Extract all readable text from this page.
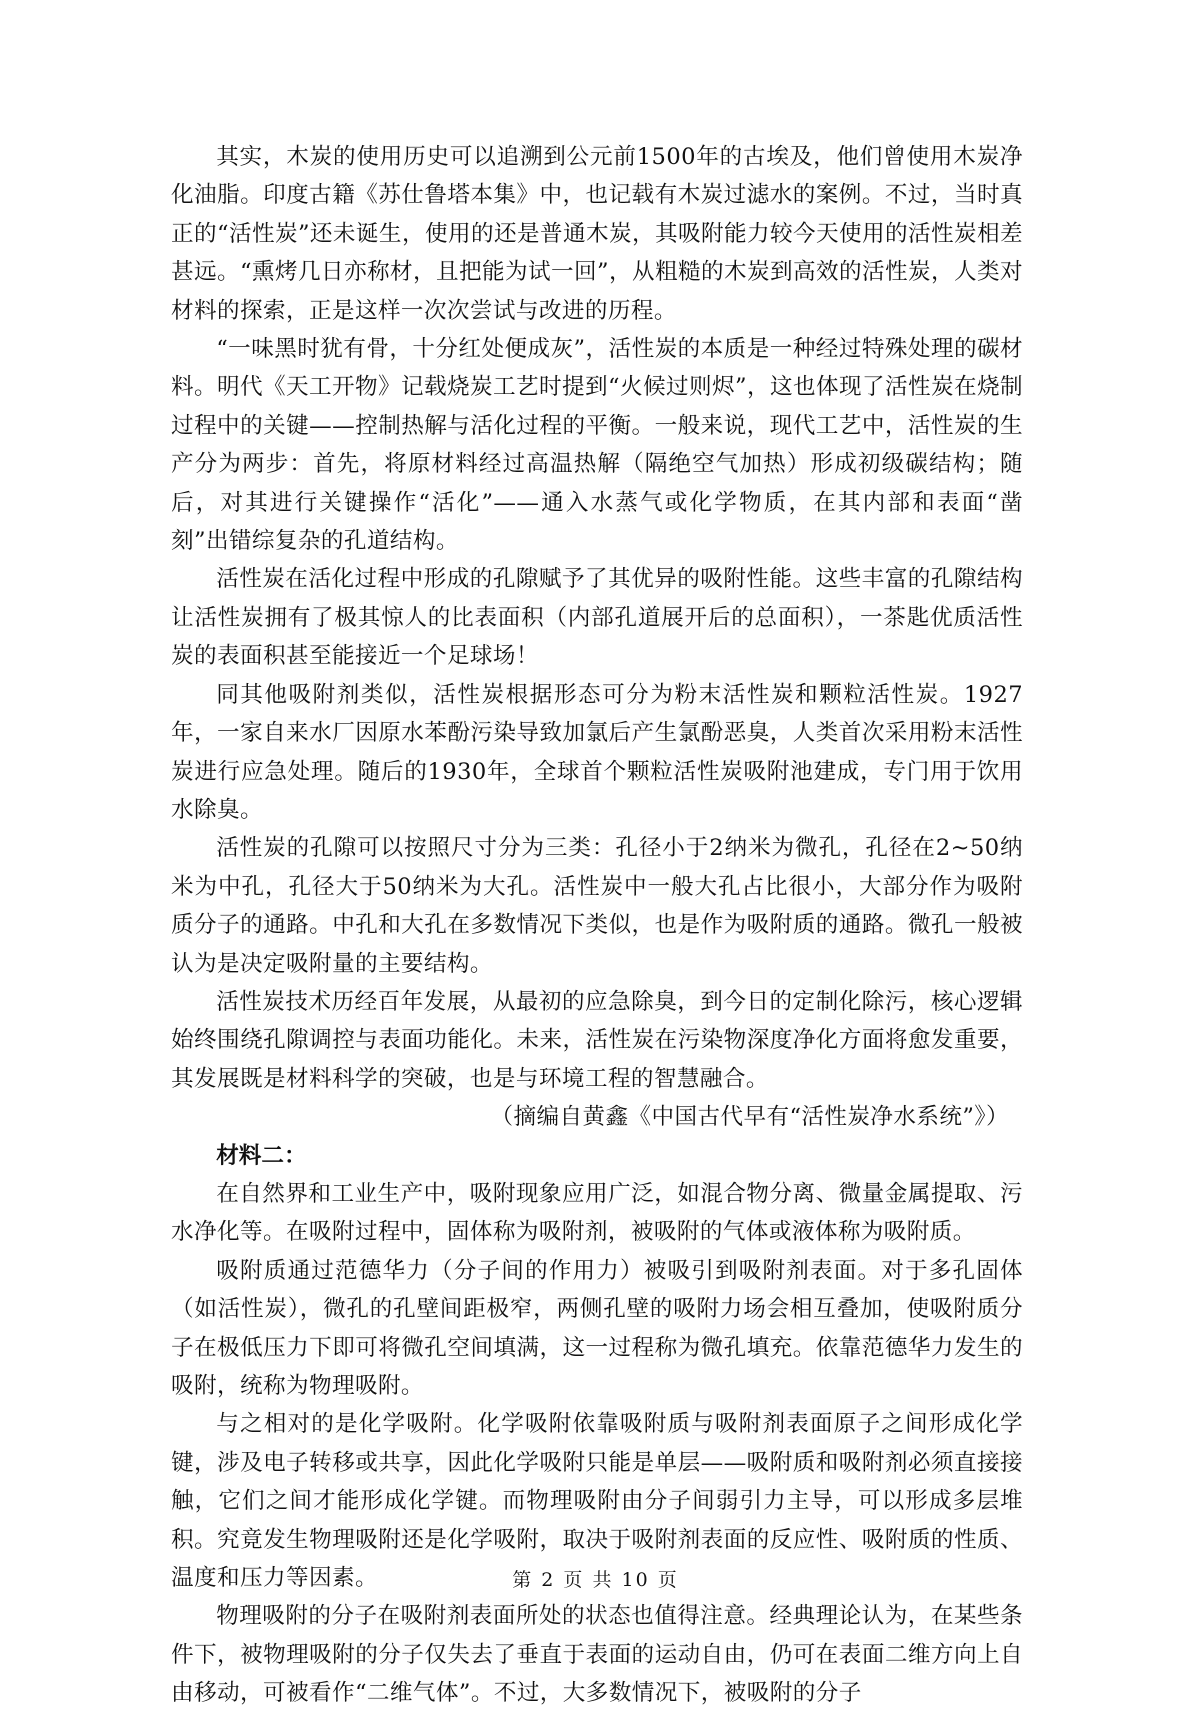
其实，木炭的使用历史可以追溯到公元前1500年的古埃及，他们曾使用木炭净化油脂。印度古籍《苏仕鲁塔本集》中，也记载有木炭过滤水的案例。不过，当时真正的“活性炭”还未诞生，使用的还是普通木炭，其吸附能力较今天使用的活性炭相差甚远。“熏烤几日亦称材，且把能为试一回”，从粗糙的木炭到高效的活性炭，人类对材料的探索，正是这样一次次尝试与改进的历程。

“一味黑时犹有骨，十分红处便成灰”，活性炭的本质是一种经过特殊处理的碳材料。明代《天工开物》记载烧炭工艺时提到“火候过则烬”，这也体现了活性炭在烧制过程中的关键——控制热解与活化过程的平衡。一般来说，现代工艺中，活性炭的生产分为两步：首先，将原材料经过高温热解（隔绝空气加热）形成初级碳结构；随后，对其进行关键操作“活化”——通入水蒸气或化学物质，在其内部和表面“凿刻”出错综复杂的孔道结构。

活性炭在活化过程中形成的孔隙赋予了其优异的吸附性能。这些丰富的孔隙结构让活性炭拥有了极其惊人的比表面积（内部孔道展开后的总面积），一茶匙优质活性炭的表面积甚至能接近一个足球场！

同其他吸附剂类似，活性炭根据形态可分为粉末活性炭和颗粒活性炭。1927年，一家自来水厂因原水苯酚污染导致加氯后产生氯酚恶臭，人类首次采用粉末活性炭进行应急处理。随后的1930年，全球首个颗粒活性炭吸附池建成，专门用于饮用水除臭。

活性炭的孔隙可以按照尺寸分为三类：孔径小于2纳米为微孔，孔径在2~50纳米为中孔，孔径大于50纳米为大孔。活性炭中一般大孔占比很小，大部分作为吸附质分子的通路。中孔和大孔在多数情况下类似，也是作为吸附质的通路。微孔一般被认为是决定吸附量的主要结构。

活性炭技术历经百年发展，从最初的应急除臭，到今日的定制化除污，核心逻辑始终围绕孔隙调控与表面功能化。未来，活性炭在污染物深度净化方面将愈发重要，其发展既是材料科学的突破，也是与环境工程的智慧融合。

（摘编自黄鑫《中国古代早有“活性炭净水系统”》）

材料二：

在自然界和工业生产中，吸附现象应用广泛，如混合物分离、微量金属提取、污水净化等。在吸附过程中，固体称为吸附剂，被吸附的气体或液体称为吸附质。

吸附质通过范德华力（分子间的作用力）被吸引到吸附剂表面。对于多孔固体（如活性炭），微孔的孔壁间距极窄，两侧孔壁的吸附力场会相互叠加，使吸附质分子在极低压力下即可将微孔空间填满，这一过程称为微孔填充。依靠范德华力发生的吸附，统称为物理吸附。

与之相对的是化学吸附。化学吸附依靠吸附质与吸附剂表面原子之间形成化学键，涉及电子转移或共享，因此化学吸附只能是单层——吸附质和吸附剂必须直接接触，它们之间才能形成化学键。而物理吸附由分子间弱引力主导，可以形成多层堆积。究竟发生物理吸附还是化学吸附，取决于吸附剂表面的反应性、吸附质的性质、温度和压力等因素。

物理吸附的分子在吸附剂表面所处的状态也值得注意。经典理论认为，在某些条件下，被物理吸附的分子仅失去了垂直于表面的运动自由，仍可在表面二维方向上自由移动，可被看作“二维气体”。不过，大多数情况下，被吸附的分子

第 2 页 共 10 页
